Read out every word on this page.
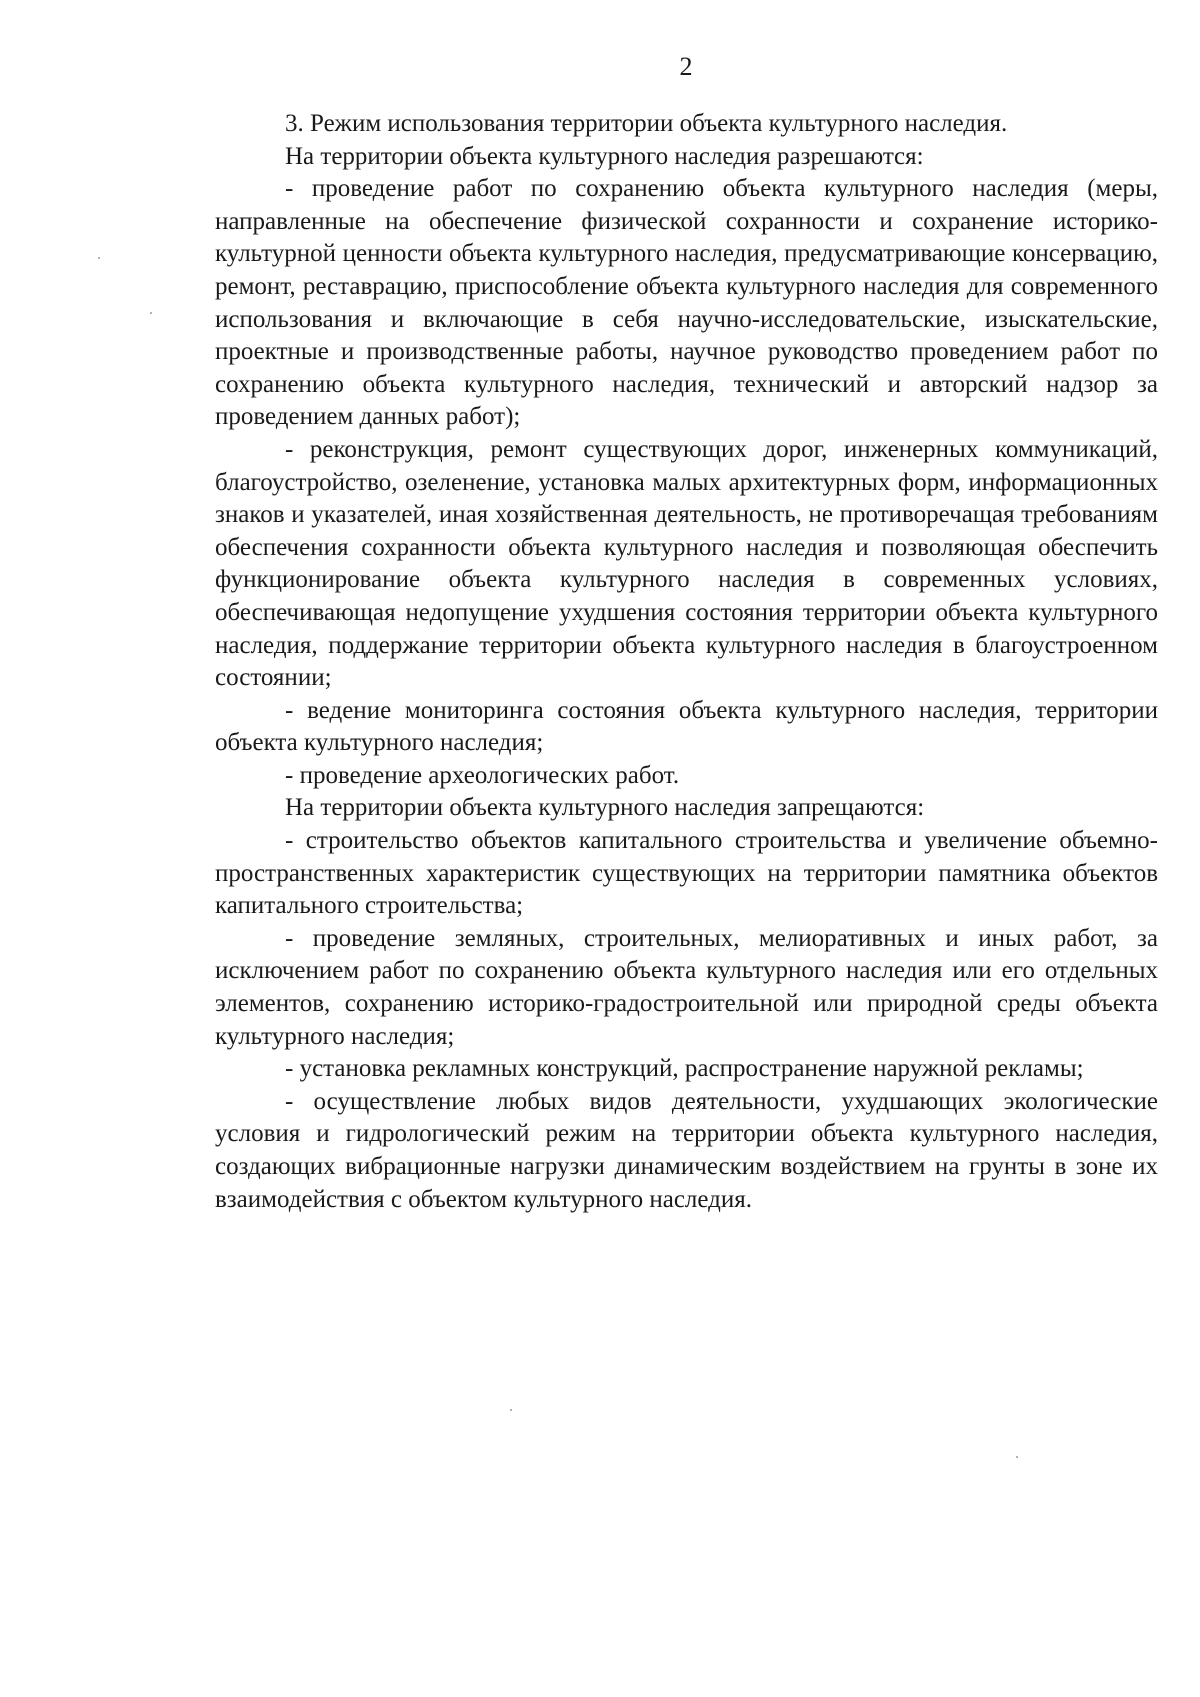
2

3. Режим использования территории объекта культурного наследия.

На территории объекта культурного наследия разрешаются:

- проведение работ по сохранению объекта культурного наследия (меры, направленные на обеспечение физической сохранности и сохранение историко-культурной ценности объекта культурного наследия, предусматривающие консервацию, ремонт, реставрацию, приспособление объекта культурного наследия для современного использования и включающие в себя научно-исследовательские, изыскательские, проектные и производственные работы, научное руководство проведением работ по сохранению объекта культурного наследия, технический и авторский надзор за проведением данных работ);

- реконструкция, ремонт существующих дорог, инженерных коммуникаций, благоустройство, озеленение, установка малых архитектурных форм, информационных знаков и указателей, иная хозяйственная деятельность, не противоречащая требованиям обеспечения сохранности объекта культурного наследия и позволяющая обеспечить функционирование объекта культурного наследия в современных условиях, обеспечивающая недопущение ухудшения состояния территории объекта культурного наследия, поддержание территории объекта культурного наследия в благоустроенном состоянии;

- ведение мониторинга состояния объекта культурного наследия, территории объекта культурного наследия;

- проведение археологических работ.

На территории объекта культурного наследия запрещаются:

- строительство объектов капитального строительства и увеличение объемно-пространственных характеристик существующих на территории памятника объектов капитального строительства;

- проведение земляных, строительных, мелиоративных и иных работ, за исключением работ по сохранению объекта культурного наследия или его отдельных элементов, сохранению историко-градостроительной или природной среды объекта культурного наследия;

- установка рекламных конструкций, распространение наружной рекламы;

- осуществление любых видов деятельности, ухудшающих экологические условия и гидрологический режим на территории объекта культурного наследия, создающих вибрационные нагрузки динамическим воздействием на грунты в зоне их взаимодействия с объектом культурного наследия.
